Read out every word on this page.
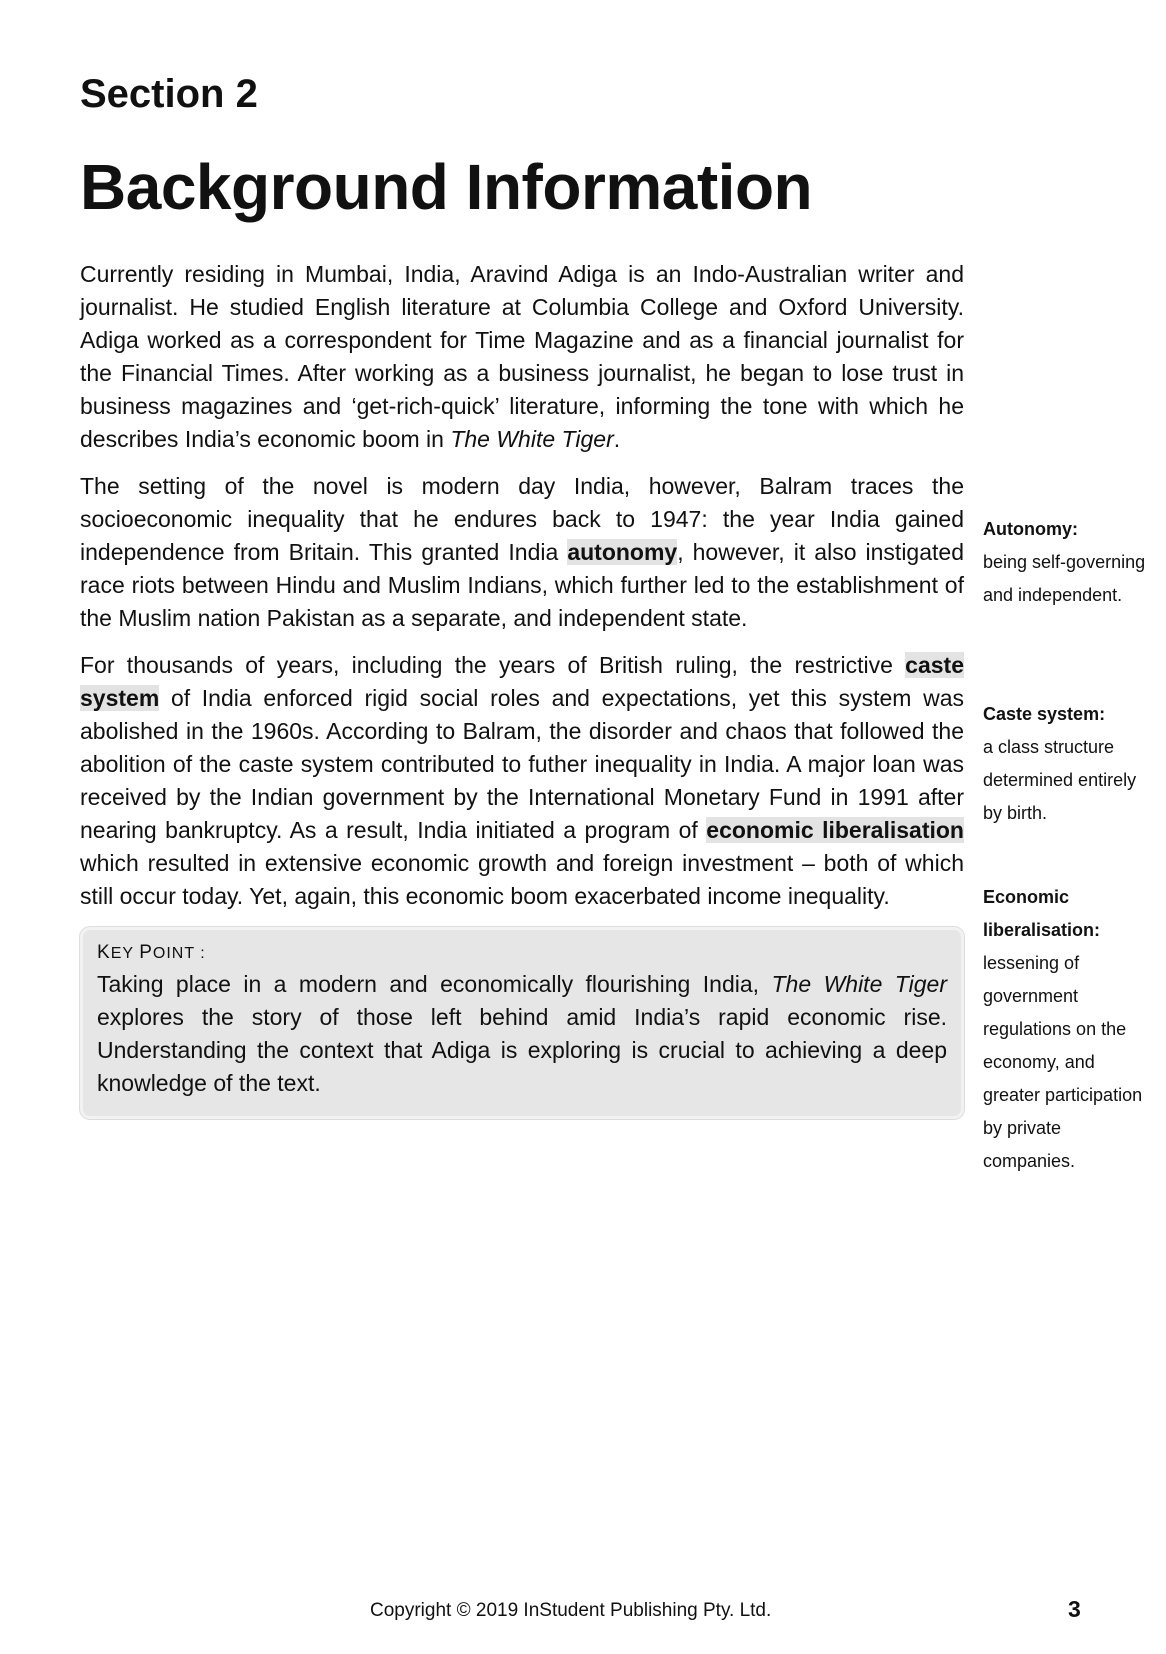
Section 2
Background Information

Currently residing in Mumbai, India, Aravind Adiga is an Indo-Australian writer and journalist. He studied English literature at Columbia College and Oxford University. Adiga worked as a correspondent for Time Magazine and as a financial journalist for the Financial Times. After working as a business journalist, he began to lose trust in business magazines and ‘get-rich-quick’ literature, informing the tone with which he describes India’s economic boom in The White Tiger.

The setting of the novel is modern day India, however, Balram traces the socioeconomic inequality that he endures back to 1947: the year India gained independence from Britain. This granted India autonomy, however, it also instigated race riots between Hindu and Muslim Indians, which further led to the establishment of the Muslim nation Pakistan as a separate, and independent state.

For thousands of years, including the years of British ruling, the restrictive caste system of India enforced rigid social roles and expectations, yet this system was abolished in the 1960s. According to Balram, the disorder and chaos that followed the abolition of the caste system contributed to futher inequality in India. A major loan was received by the Indian government by the International Monetary Fund in 1991 after nearing bankruptcy. As a result, India initiated a program of economic liberalisation which resulted in extensive economic growth and foreign investment – both of which still occur today. Yet, again, this economic boom exacerbated income inequality.

KEY POINT :

Taking place in a modern and economically flourishing India, The White Tiger explores the story of those left behind amid India’s rapid economic rise. Understanding the context that Adiga is exploring is crucial to achieving a deep knowledge of the text.

Autonomy:
being self-governing and independent.

Caste system:
a class structure determined entirely by birth.

Economic liberalisation:
lessening of government regulations on the economy, and greater participation by private companies.

Copyright © 2019 InStudent Publishing Pty. Ltd.	3
